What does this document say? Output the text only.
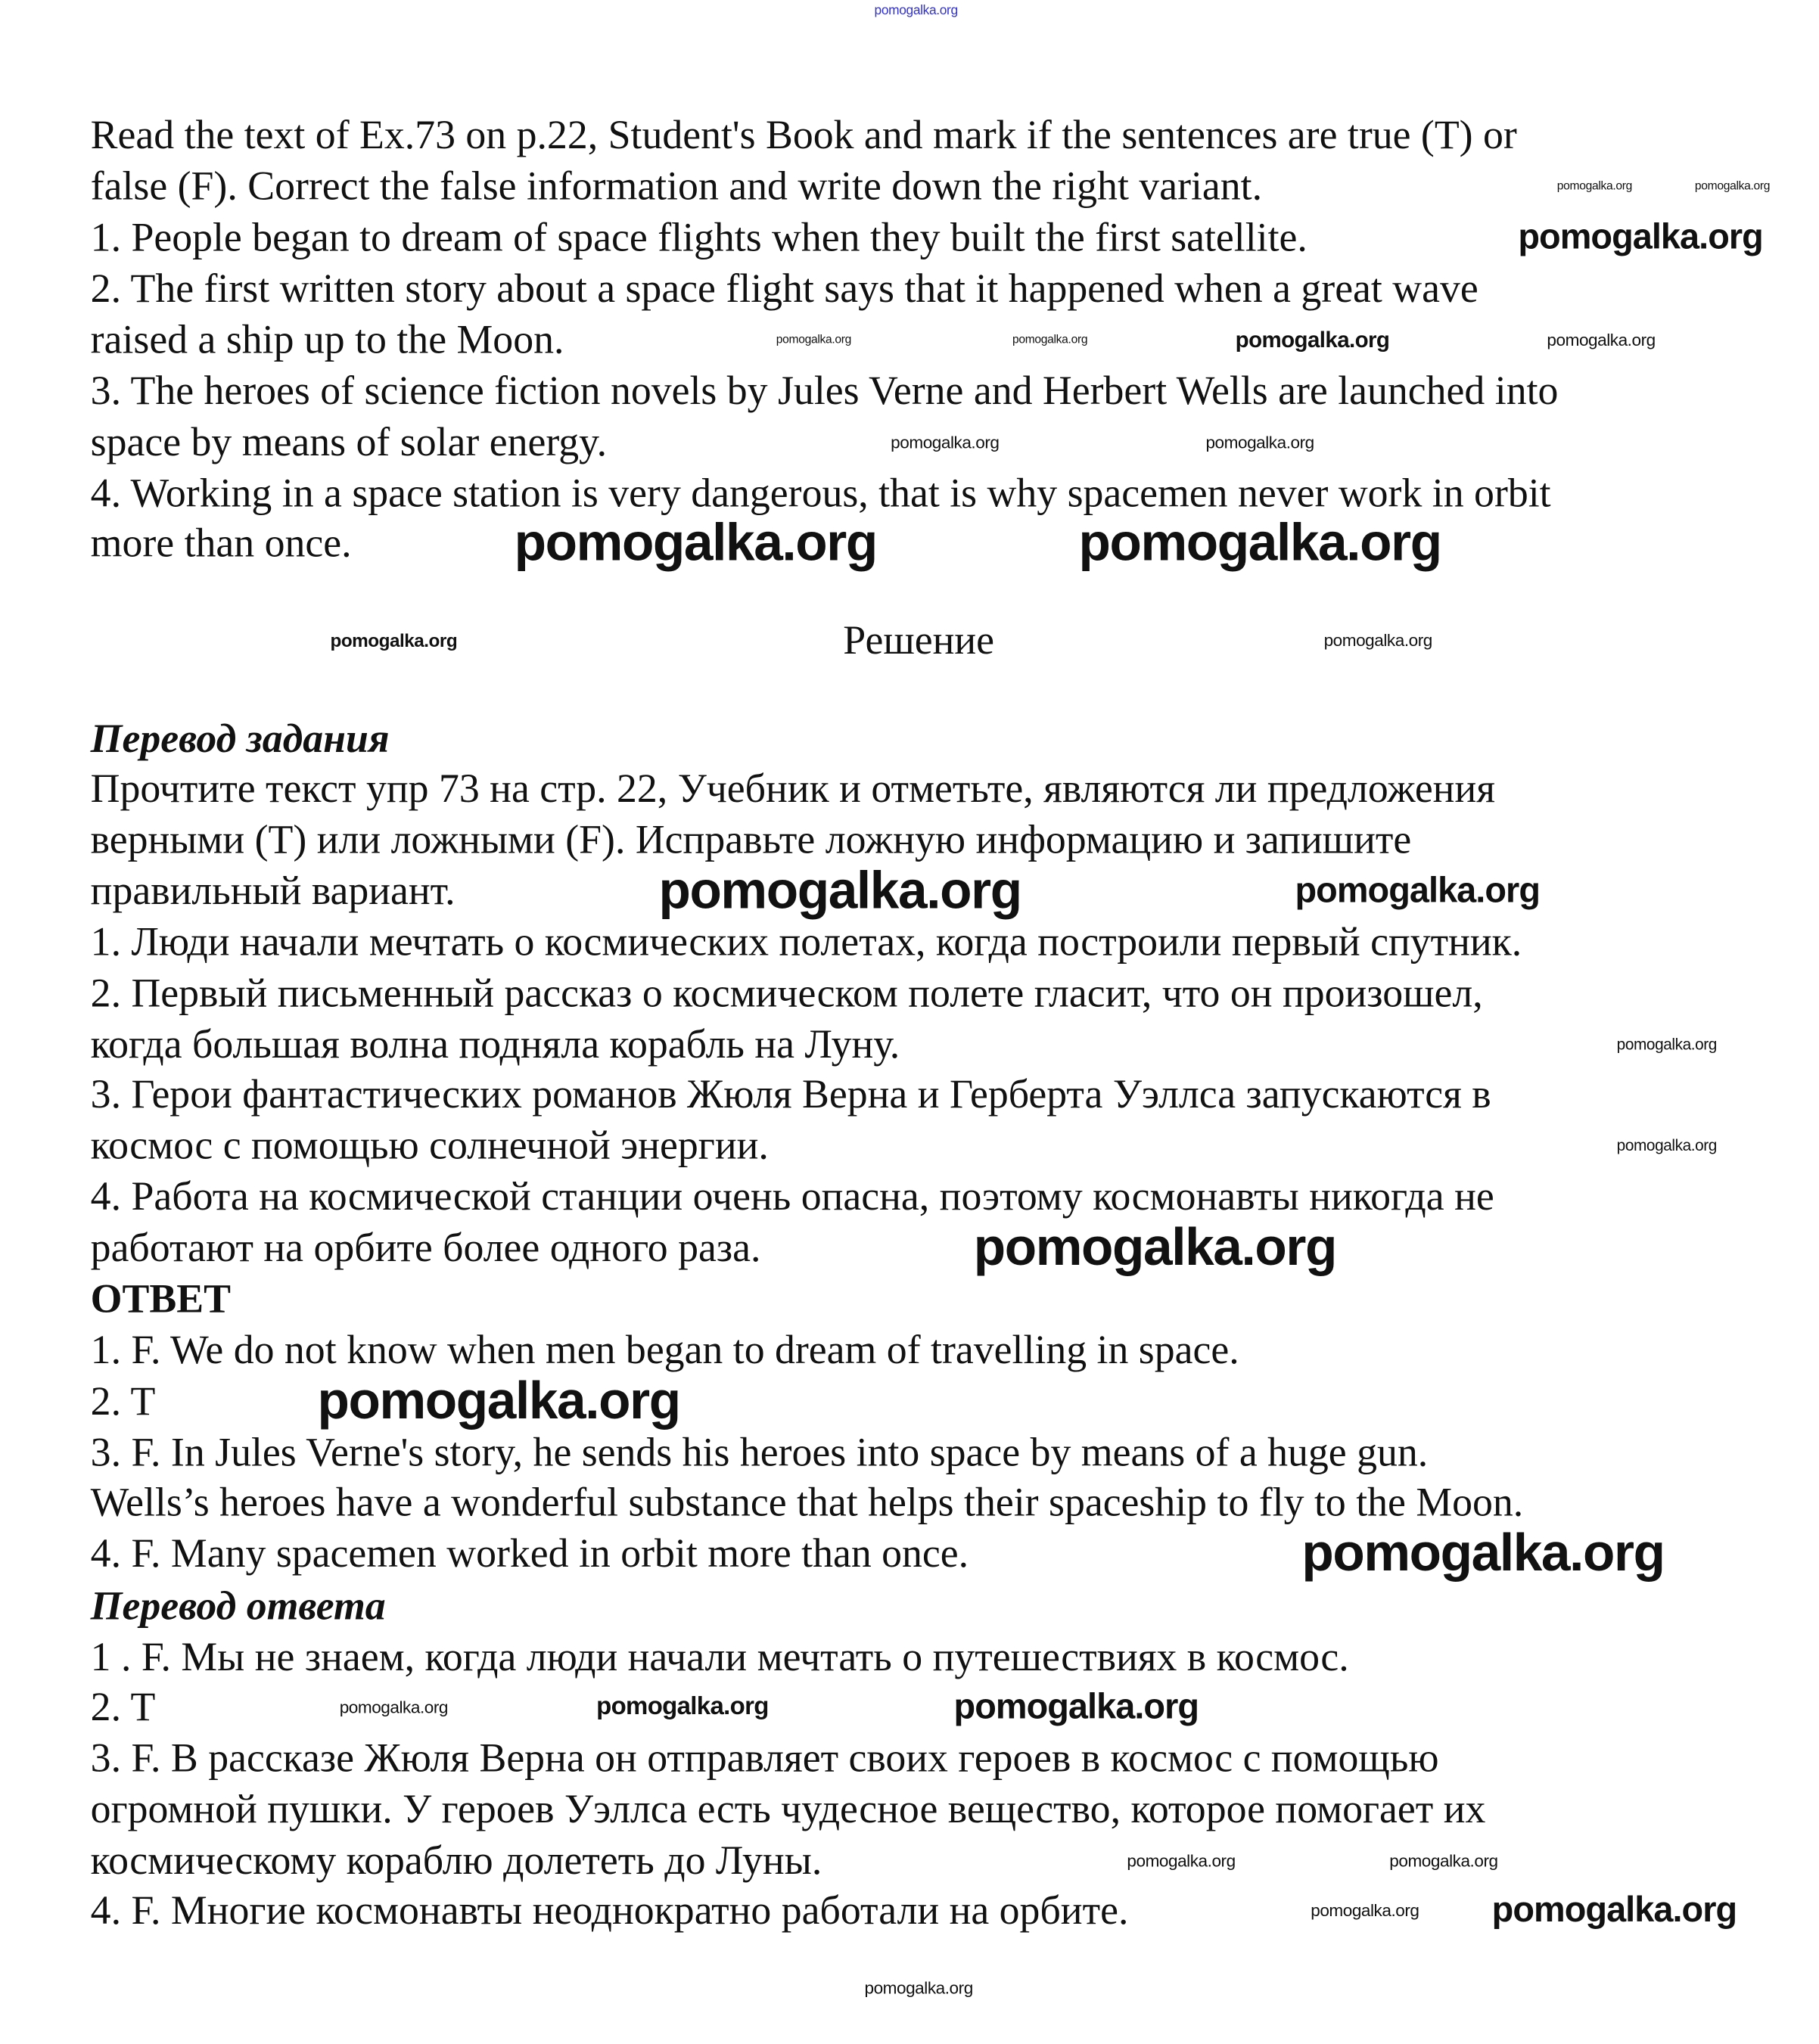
pomogalka.org
Read the text of Ex.73 on p.22, Student's Book and mark if the sentences are true (T) or
false (F). Correct the false information and write down the right variant.
1. People began to dream of space flights when they built the first satellite.
2. The first written story about a space flight says that it happened when a great wave
raised a ship up to the Moon.
3. The heroes of science fiction novels by Jules Verne and Herbert Wells are launched into
space by means of solar energy.
4. Working in a space station is very dangerous, that is why spacemen never work in orbit
more than once.
Решение
Перевод задания
Прочтите текст упр 73 на стр. 22, Учебник и отметьте, являются ли предложения
верными (T) или ложными (F). Исправьте ложную информацию и запишите
правильный вариант.
1. Люди начали мечтать о космических полетах, когда построили первый спутник.
2. Первый письменный рассказ о космическом полете гласит, что он произошел,
когда большая волна подняла корабль на Луну.
3. Герои фантастических романов Жюля Верна и Герберта Уэллса запускаются в
космос с помощью солнечной энергии.
4. Работа на космической станции очень опасна, поэтому космонавты никогда не
работают на орбите более одного раза.
ОТВЕТ
1. F. We do not know when men began to dream of travelling in space.
2. T
3. F. In Jules Verne's story, he sends his heroes into space by means of a huge gun.
Wells’s heroes have a wonderful substance that helps their spaceship to fly to the Moon.
4. F. Many spacemen worked in orbit more than once.
Перевод ответа
1 . F. Мы не знаем, когда люди начали мечтать о путешествиях в космос.
2. T
3. F. В рассказе Жюля Верна он отправляет своих героев в космос с помощью
огромной пушки. У героев Уэллса есть чудесное вещество, которое помогает их
космическому кораблю долететь до Луны.
4. F. Многие космонавты неоднократно работали на орбите.
pomogalka.org	pomogalka.org
pomogalka.org	pomogalka.org	pomogalka.org	pomogalka.org
pomogalka.org	pomogalka.org
pomogalka.org
pomogalka.org	pomogalka.org
pomogalka.org
pomogalka.org
pomogalka.org
pomogalka.org
pomogalka.org
pomogalka.org
pomogalka.org	pomogalka.org
pomogalka.org
pomogalka.org
pomogalka.org	pomogalka.org
pomogalka.org	pomogalka.org
pomogalka.org
pomogalka.org
pomogalka.org
